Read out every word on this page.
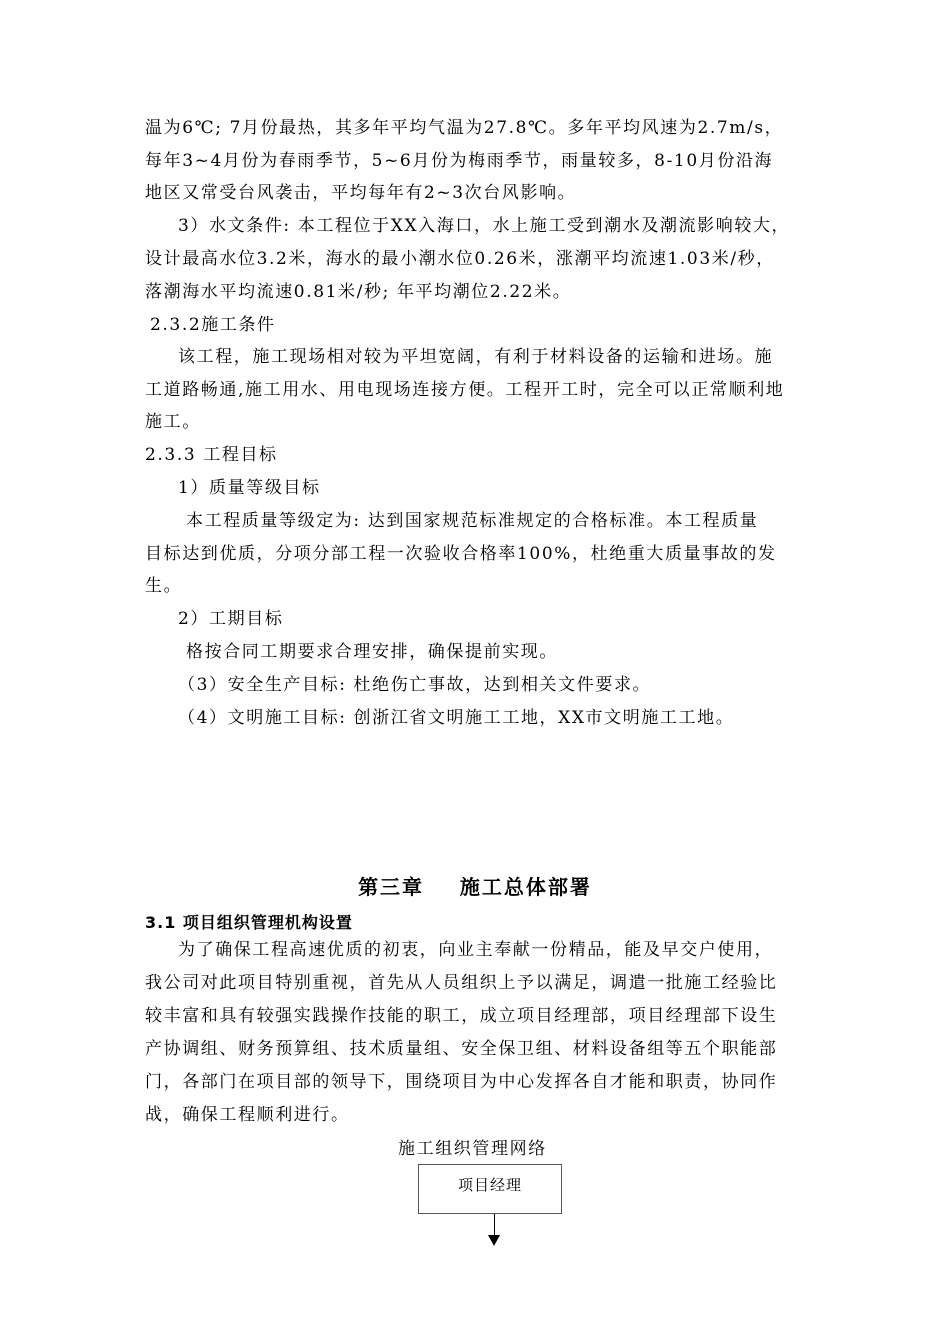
温为6℃; 7月份最热，其多年平均气温为27.8℃。多年平均风速为2.7m/s，
每年3~4月份为春雨季节，5~6月份为梅雨季节，雨量较多，8-10月份沿海
地区又常受台风袭击，平均每年有2~3次台风影响。
3）水文条件: 本工程位于XX入海口，水上施工受到潮水及潮流影响较大，
设计最高水位3.2米，海水的最小潮水位0.26米，涨潮平均流速1.03米/秒，
落潮海水平均流速0.81米/秒; 年平均潮位2.22米。
2.3.2施工条件
该工程，施工现场相对较为平坦宽阔，有利于材料设备的运输和进场。施
工道路畅通,施工用水、用电现场连接方便。工程开工时，完全可以正常顺利地
施工。
2.3.3 工程目标
1）质量等级目标
本工程质量等级定为: 达到国家规范标准规定的合格标准。本工程质量
目标达到优质，分项分部工程一次验收合格率100%，杜绝重大质量事故的发
生。
2）工期目标
格按合同工期要求合理安排，确保提前实现。
（3）安全生产目标: 杜绝伤亡事故，达到相关文件要求。
（4）文明施工目标: 创浙江省文明施工工地，XX市文明施工工地。
第三章    施工总体部署
3.1 项目组织管理机构设置
为了确保工程高速优质的初衷，向业主奉献一份精品，能及早交户使用，
我公司对此项目特别重视，首先从人员组织上予以满足，调遣一批施工经验比
较丰富和具有较强实践操作技能的职工，成立项目经理部，项目经理部下设生
产协调组、财务预算组、技术质量组、安全保卫组、材料设备组等五个职能部
门，各部门在项目部的领导下，围绕项目为中心发挥各自才能和职责，协同作
战，确保工程顺利进行。
施工组织管理网络
项目经理
